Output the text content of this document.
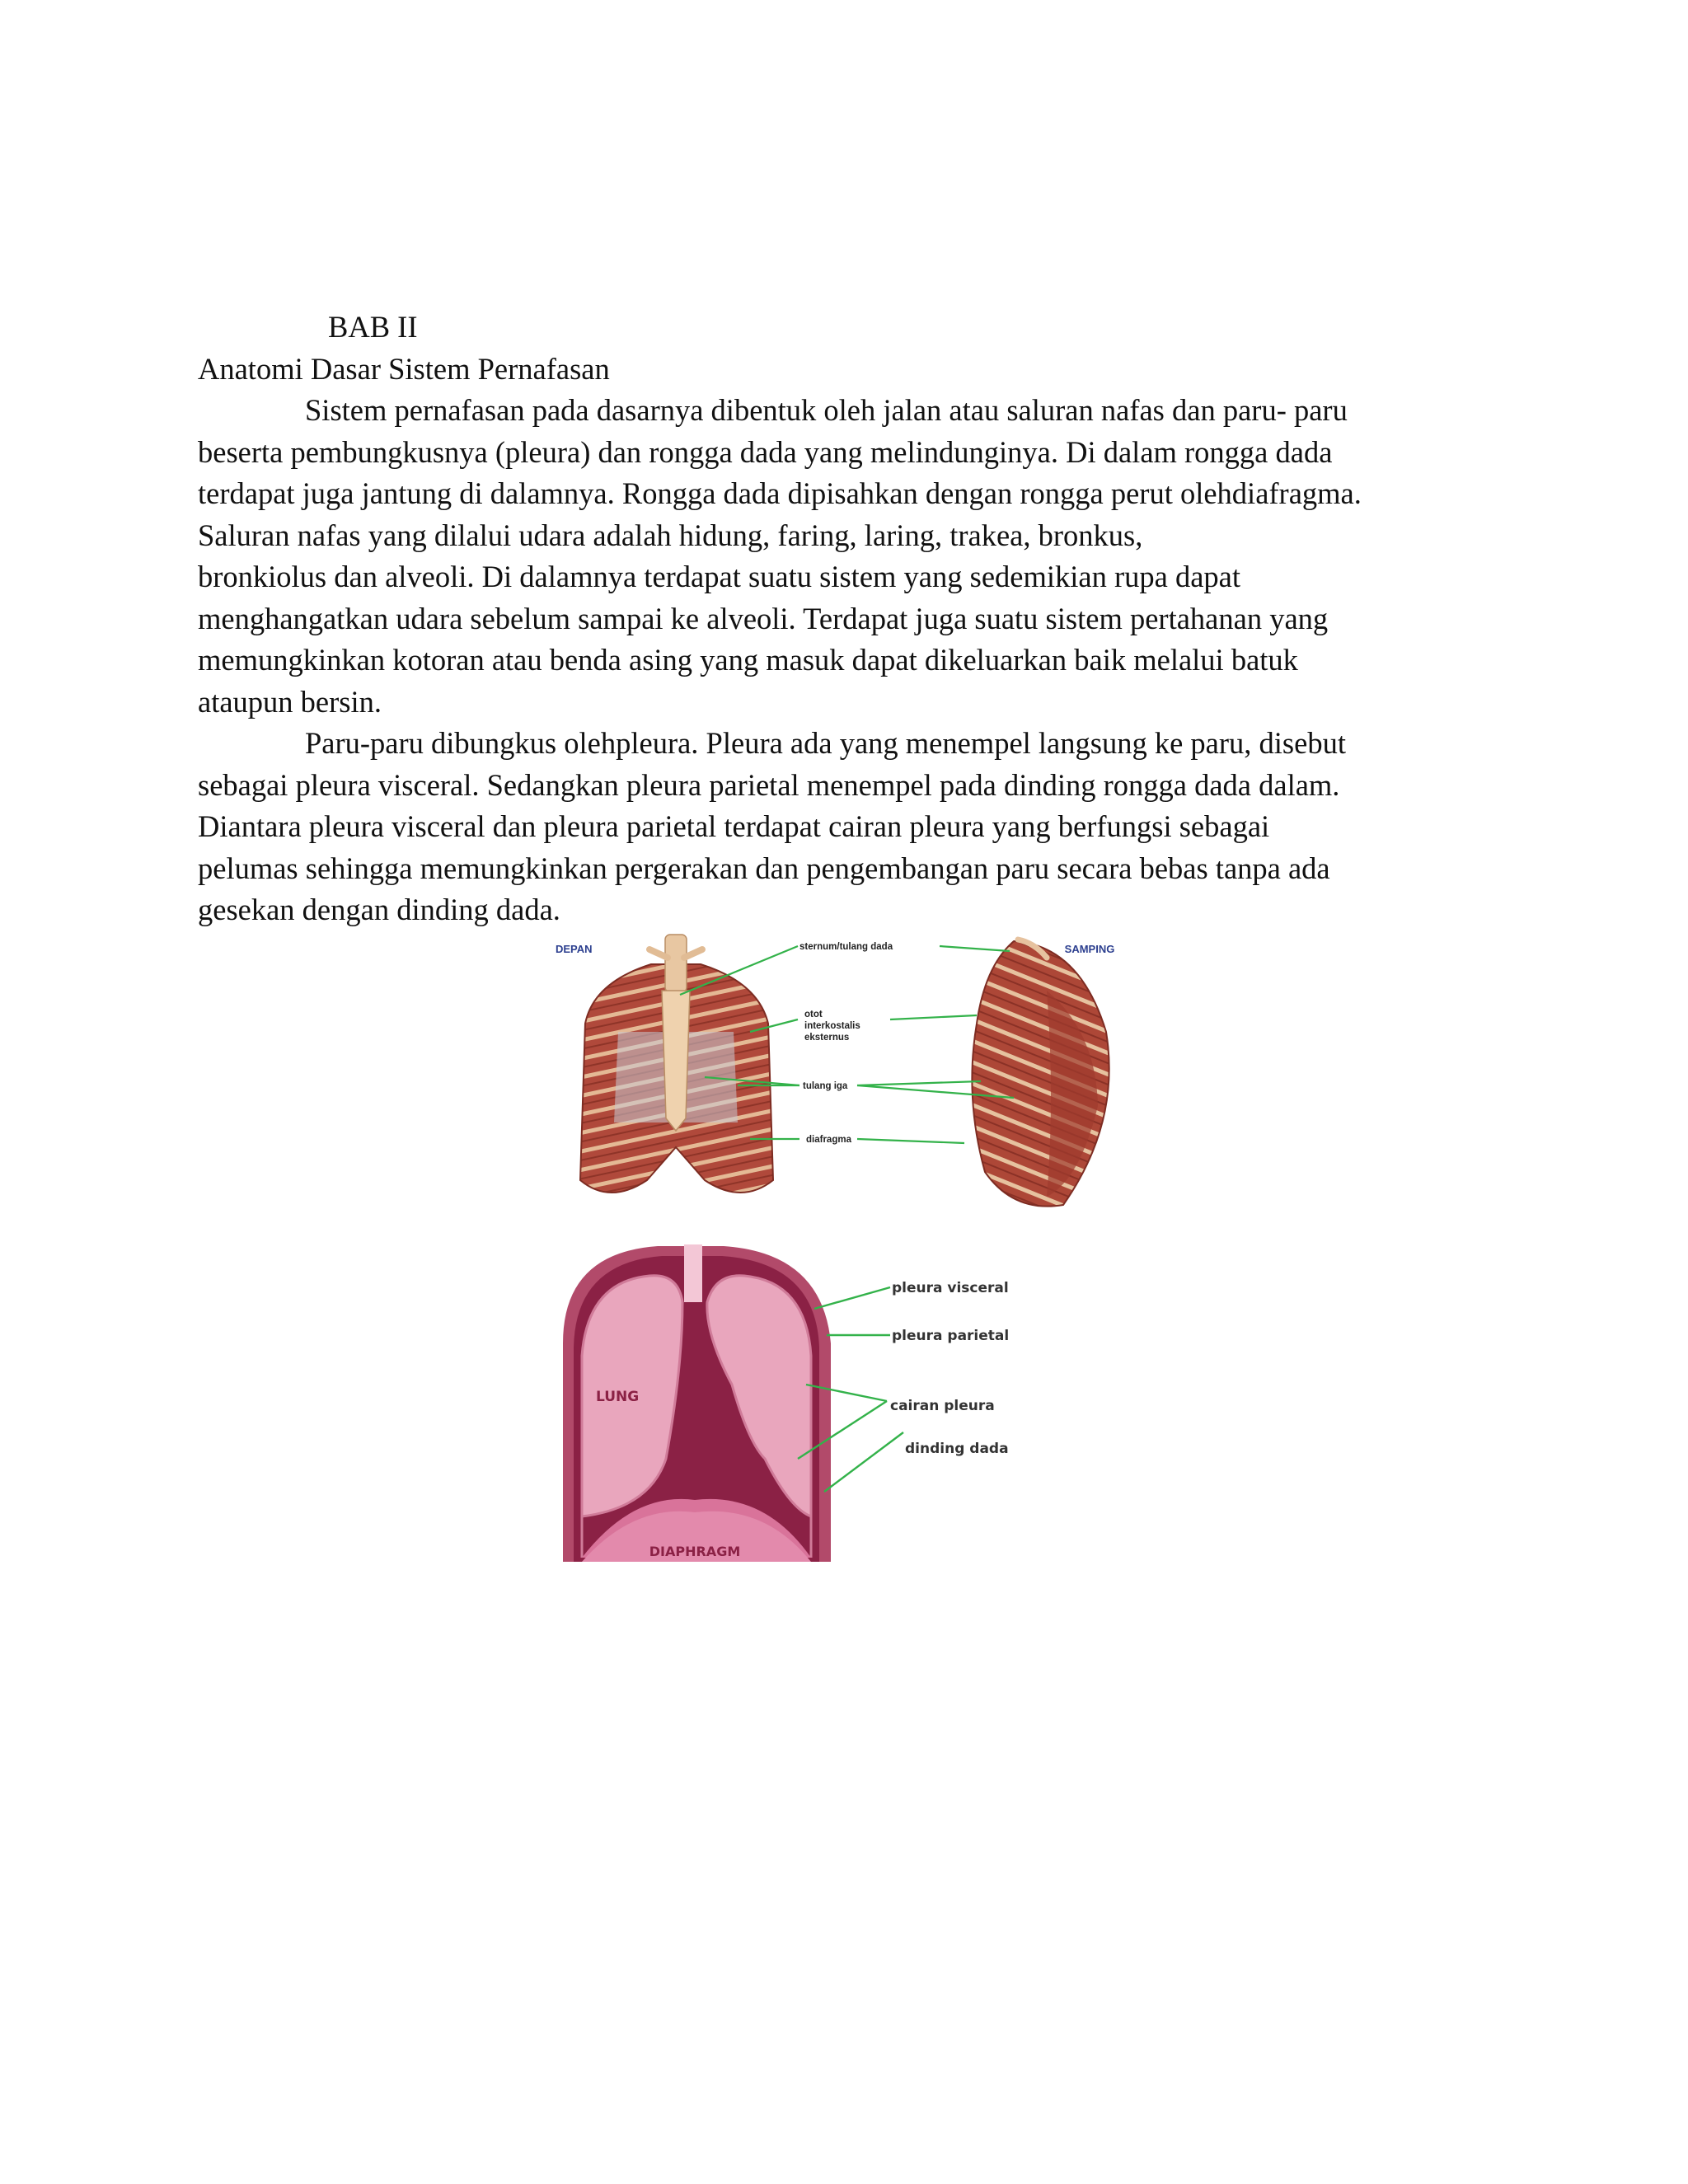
BAB II
Anatomi Dasar Sistem Pernafasan
Sistem pernafasan pada dasarnya dibentuk oleh jalan atau saluran nafas dan paru- paru
beserta pembungkusnya (pleura) dan rongga dada yang melindunginya. Di dalam rongga dada
terdapat juga jantung di dalamnya. Rongga dada dipisahkan dengan rongga perut olehdiafragma.
Saluran nafas yang dilalui udara adalah hidung, faring, laring, trakea, bronkus,
bronkiolus dan alveoli. Di dalamnya terdapat suatu sistem yang sedemikian rupa dapat
menghangatkan udara sebelum sampai ke alveoli. Terdapat juga suatu sistem pertahanan yang
memungkinkan kotoran atau benda asing yang masuk dapat dikeluarkan baik melalui batuk
ataupun bersin.
Paru-paru dibungkus olehpleura. Pleura ada yang menempel langsung ke paru, disebut
sebagai pleura visceral. Sedangkan pleura parietal menempel pada dinding rongga dada dalam.
Diantara pleura visceral dan pleura parietal terdapat cairan pleura yang berfungsi sebagai
pelumas sehingga memungkinkan pergerakan dan pengembangan paru secara bebas tanpa ada
gesekan dengan dinding dada.
DEPAN	SAMPING
sternum/tulang dada
otot
interkostalis
eksternus
tulang iga
diafragma
LUNG
DIAPHRAGM
pleura visceral
pleura parietal
cairan pleura
dinding dada
